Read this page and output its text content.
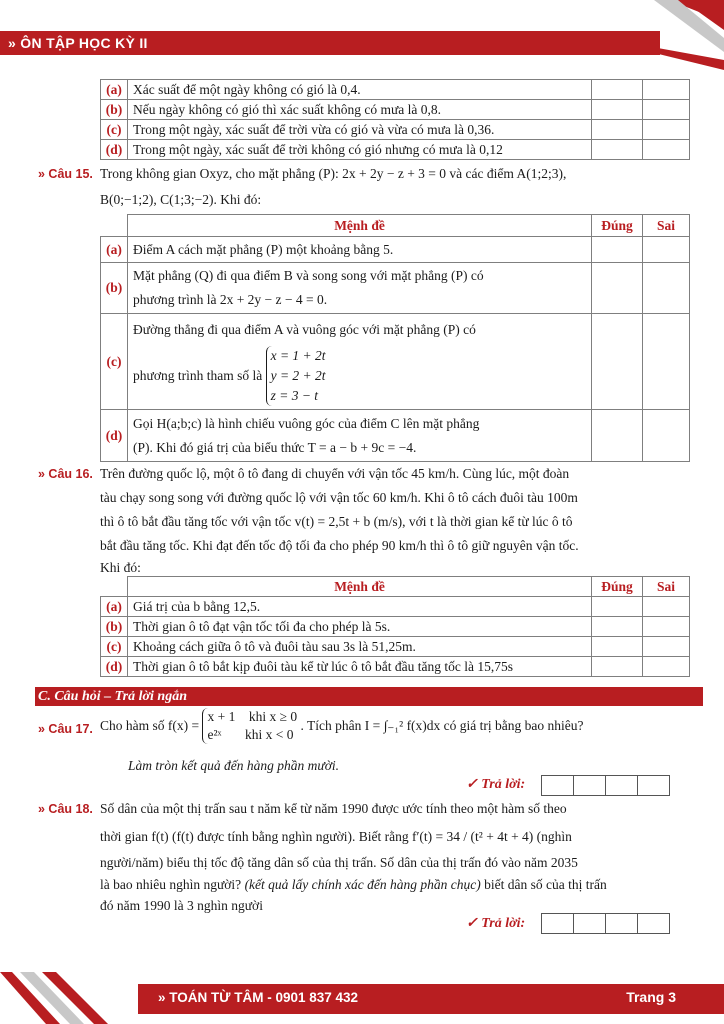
» ÔN TẬP HỌC KỲ II
(a)	Xác suất để một ngày không có gió là 0,4.		
(b)	Nếu ngày không có gió thì xác suất không có mưa là 0,8.		
(c)	Trong một ngày, xác suất để trời vừa có gió và vừa có mưa là 0,36.		
(d)	Trong một ngày, xác suất để trời không có gió nhưng có mưa là 0,12		
» Câu 15. Trong không gian Oxyz, cho mặt phẳng (P): 2x + 2y − z + 3 = 0 và các điểm A(1;2;3),
B(0;−1;2), C(1;3;−2). Khi đó:
	Mệnh đề	Đúng	Sai
(a)	Điểm A cách mặt phẳng (P) một khoảng bằng 5.		
(b)	Mặt phẳng (Q) đi qua điểm B và song song với mặt phẳng (P) có
phương trình là 2x + 2y − z − 4 = 0.		

(c)	Đường thẳng đi qua điểm A và vuông góc với mặt phẳng (P) có
phương trình tham số là
x = 1 + 2t
y = 2 + 2t
z = 3 − t		

(d)	Gọi H(a;b;c) là hình chiếu vuông góc của điểm C lên mặt phẳng
(P). Khi đó giá trị của biểu thức T = a − b + 9c = −4.		

» Câu 16. Trên đường quốc lộ, một ô tô đang di chuyển với vận tốc 45 km/h. Cùng lúc, một đoàn
tàu chạy song song với đường quốc lộ với vận tốc 60 km/h. Khi ô tô cách đuôi tàu 100m
thì ô tô bắt đầu tăng tốc với vận tốc v(t) = 2,5t + b (m/s), với t là thời gian kể từ lúc ô tô
bắt đầu tăng tốc. Khi đạt đến tốc độ tối đa cho phép 90 km/h thì ô tô giữ nguyên vận tốc.
Khi đó:
	Mệnh đề	Đúng	Sai
(a)	Giá trị của b bằng 12,5.		
(b)	Thời gian ô tô đạt vận tốc tối đa cho phép là 5s.		
(c)	Khoảng cách giữa ô tô và đuôi tàu sau 3s là 51,25m.		
(d)	Thời gian ô tô bắt kịp đuôi tàu kể từ lúc ô tô bắt đầu tăng tốc là 15,75s		
C. Câu hỏi – Trả lời ngắn
» Câu 17. Cho hàm số f(x) =
x + 1    khi x ≥ 0
e²ˣ       khi x < 0
. Tích phân I = ∫₋₁² f(x)dx có giá trị bằng bao nhiêu?
Làm tròn kết quả đến hàng phần mười.
✓ Trả lời:
» Câu 18. Số dân của một thị trấn sau t năm kể từ năm 1990 được ước tính theo một hàm số theo
thời gian f(t) (f(t) được tính bằng nghìn người). Biết rằng f′(t) = 34 / (t² + 4t + 4) (nghìn
người/năm) biểu thị tốc độ tăng dân số của thị trấn. Số dân của thị trấn đó vào năm 2035
là bao nhiêu nghìn người? (kết quả lấy chính xác đến hàng phần chục) biết dân số của thị trấn
đó năm 1990 là 3 nghìn người
✓ Trả lời:
» TOÁN TỪ TÂM - 0901 837 432	Trang 3
